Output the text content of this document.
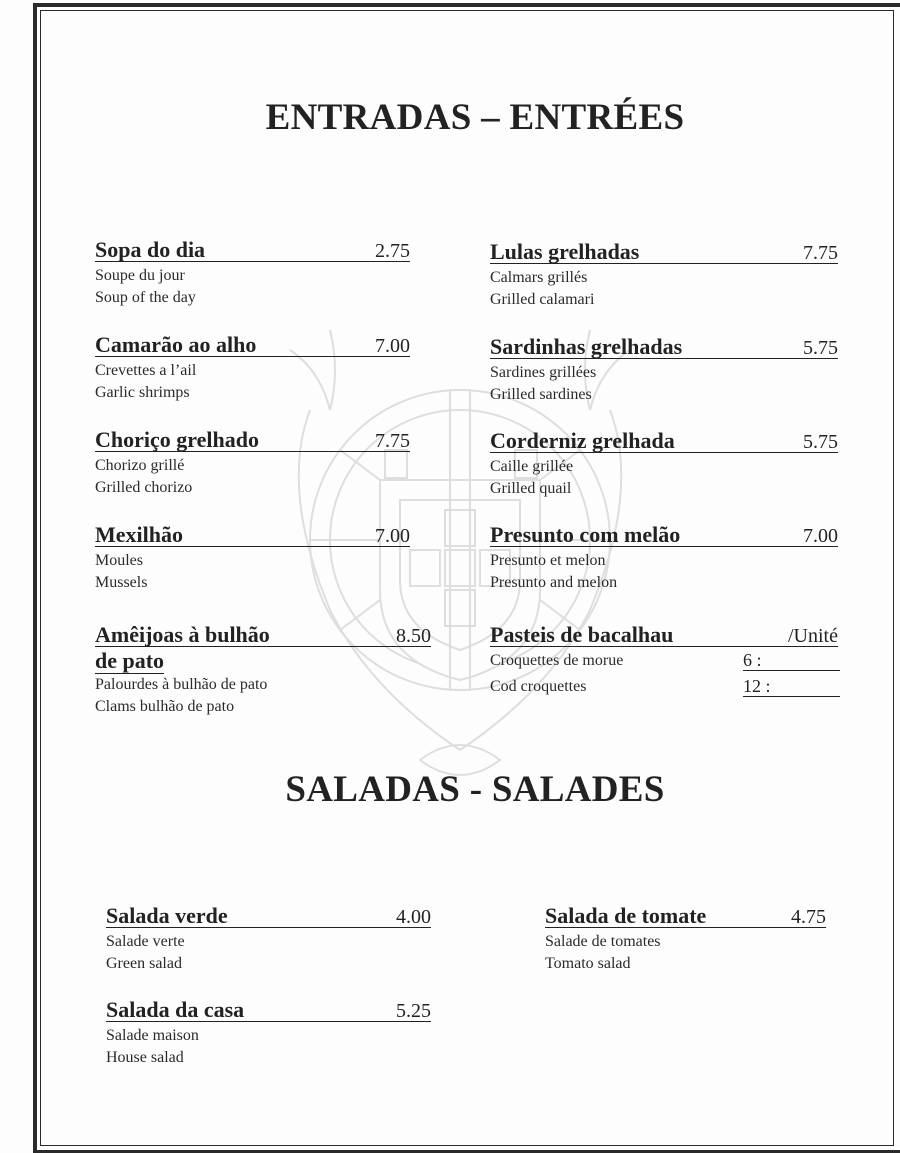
ENTRADAS – ENTRÉES
Sopa do dia	2.75
Soupe du jour
Soup of the day
Camarão ao alho	7.00
Crevettes a l’ail
Garlic shrimps
Choriço grelhado	7.75
Chorizo grillé
Grilled chorizo
Mexilhão	7.00
Moules
Mussels
Amêijoas à bulhão	8.50
de pato
Palourdes à bulhão de pato
Clams bulhão de pato
Lulas grelhadas	7.75
Calmars grillés
Grilled calamari
Sardinhas grelhadas	5.75
Sardines grillées
Grilled sardines
Corderniz grelhada	5.75
Caille grillée
Grilled quail
Presunto com melão	7.00
Presunto et melon
Presunto and melon
Pasteis de bacalhau	/Unité
Croquettes de morue	6 :
Cod croquettes	12 :
SALADAS - SALADES
Salada verde	4.00
Salade verte
Green salad
Salada da casa	5.25
Salade maison
House salad
Salada de tomate	4.75
Salade de tomates
Tomato salad
